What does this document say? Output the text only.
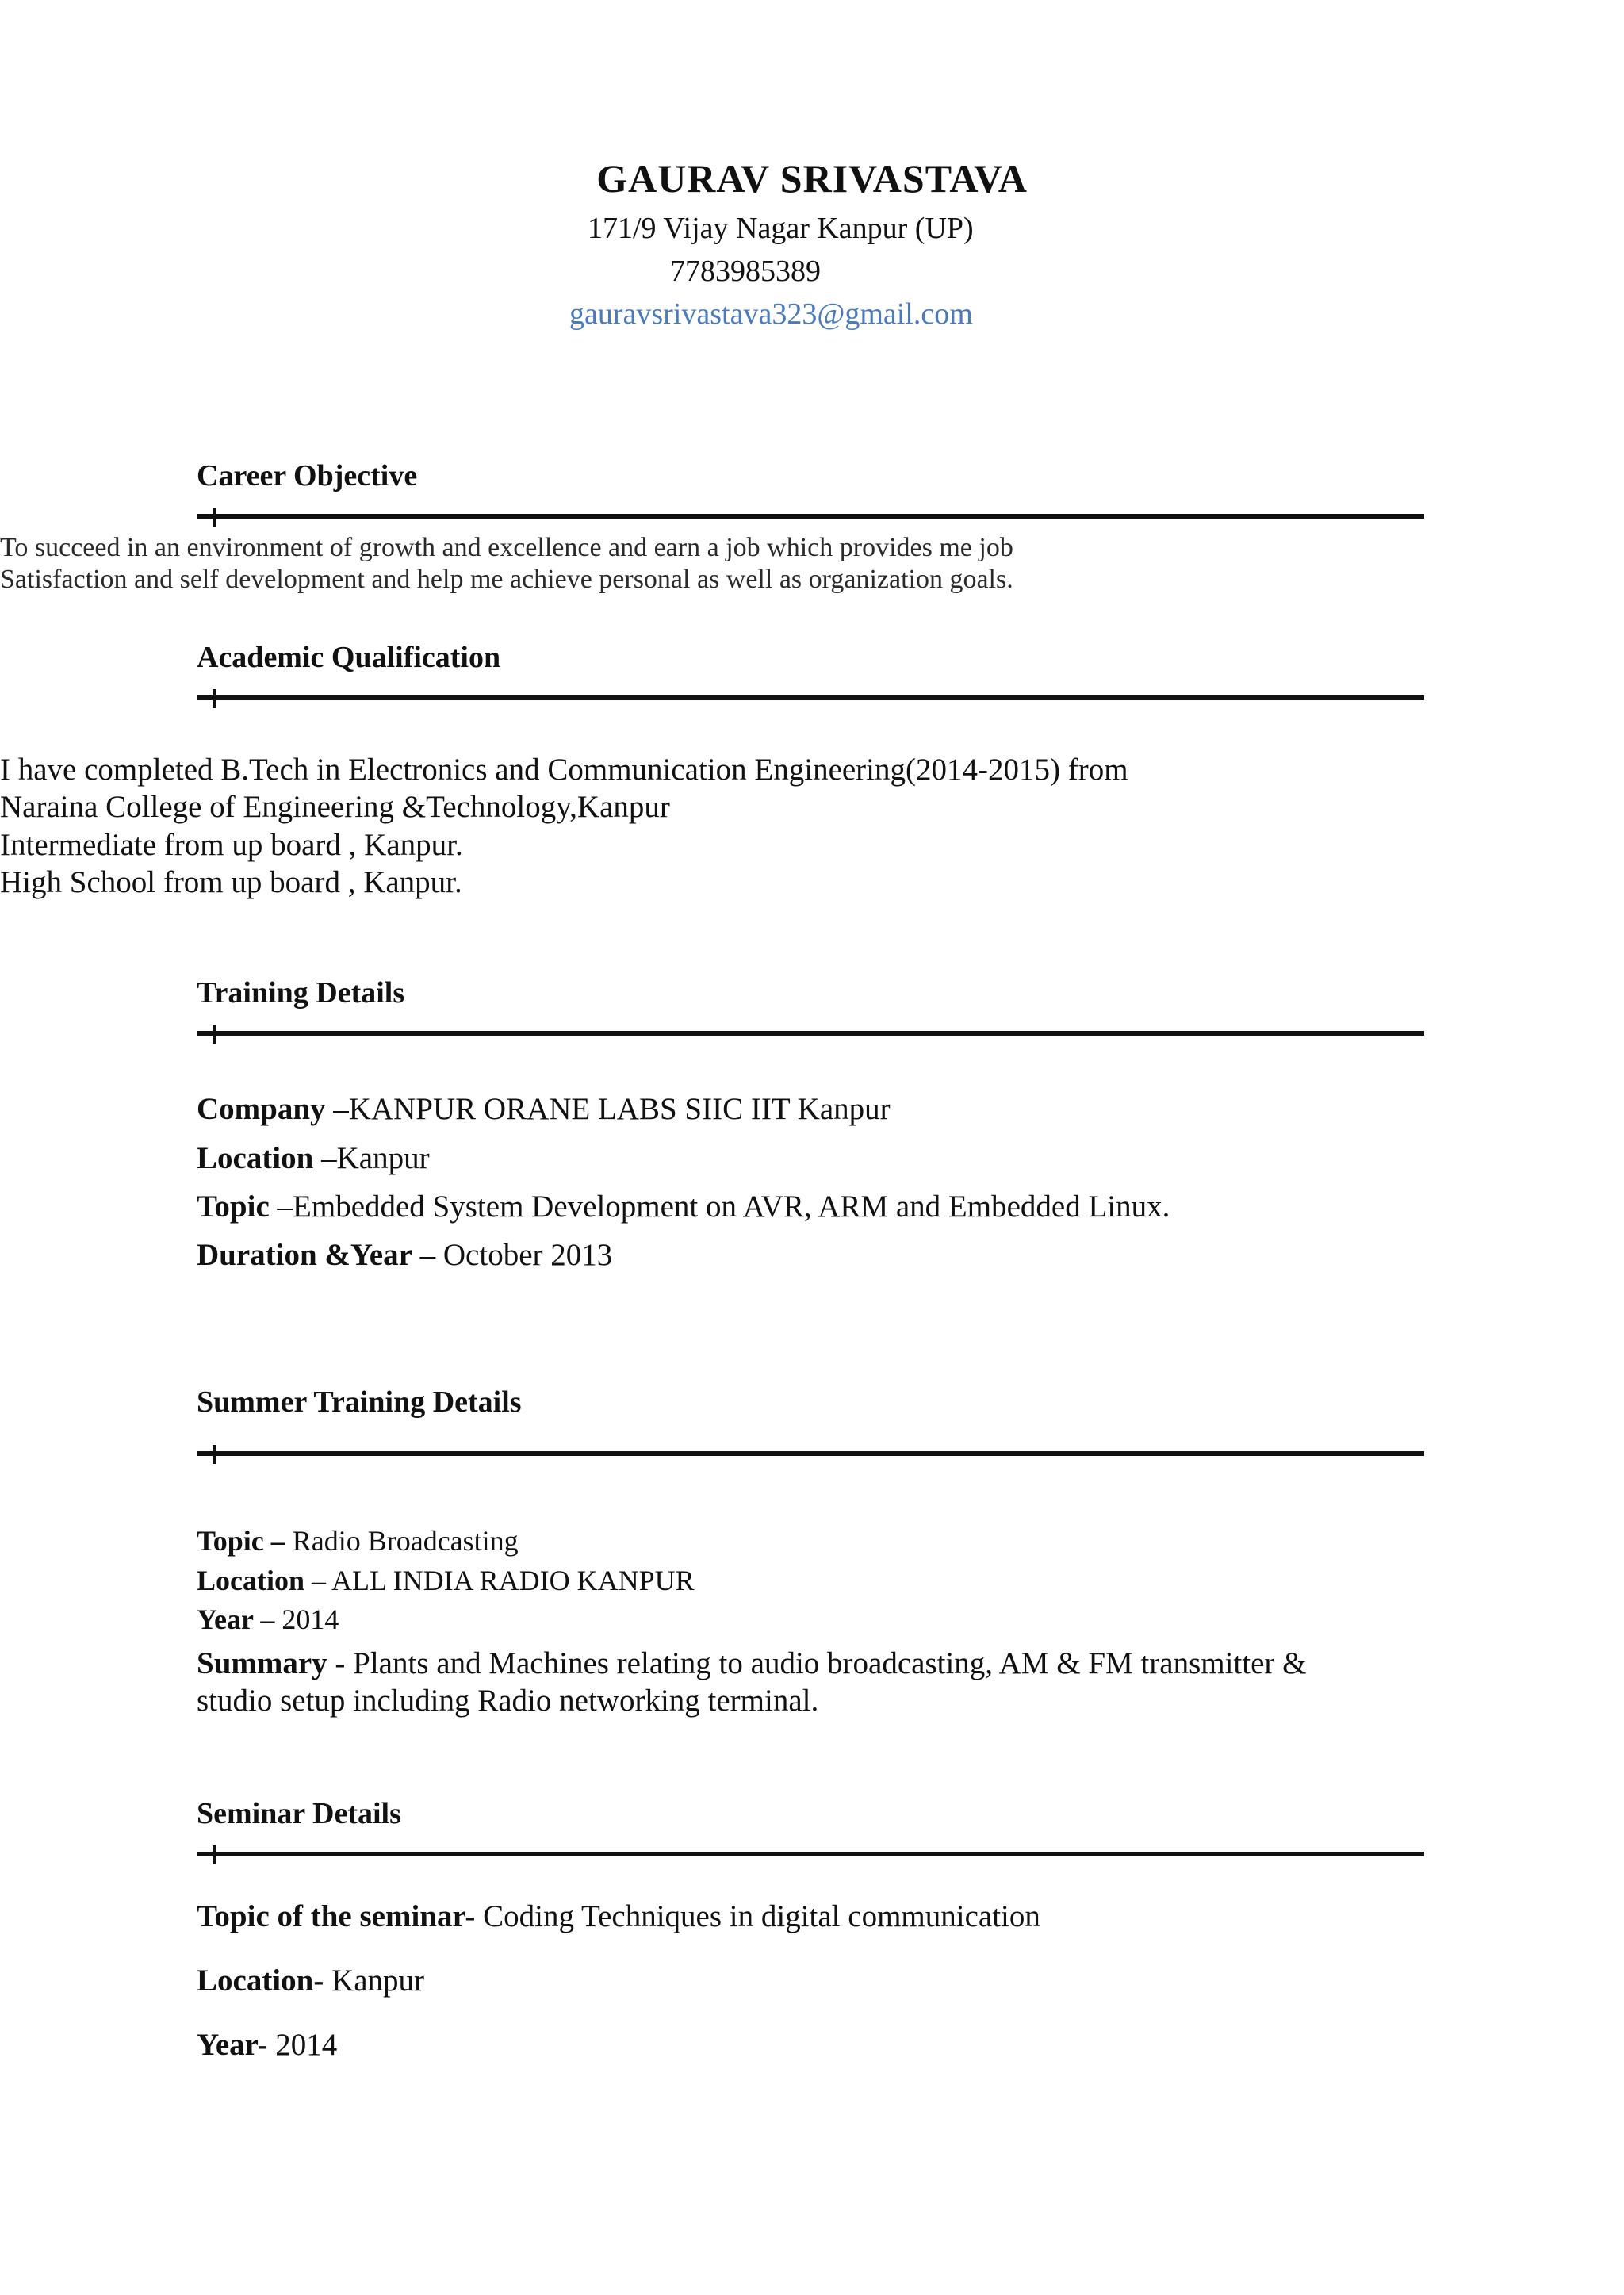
GAURAV SRIVASTAVA

171/9 Vijay Nagar Kanpur (UP)

7783985389

gauravsrivastava323@gmail.com

Career Objective

To succeed in an environment of growth and excellence and earn a job which provides me job

Satisfaction and self development and help me achieve personal as well as organization goals.

Academic Qualification

I have completed B.Tech in Electronics and Communication Engineering(2014-2015) from

Naraina College of Engineering &Technology,Kanpur

Intermediate from up board , Kanpur.

High School from up board , Kanpur.

Training Details

Company –KANPUR ORANE LABS SIIC IIT Kanpur

Location –Kanpur

Topic –Embedded System Development on AVR, ARM and Embedded Linux.

Duration &Year – October 2013

Summer Training Details

Topic – Radio Broadcasting

Location – ALL INDIA RADIO KANPUR

Year – 2014

Summary - Plants and Machines relating to audio broadcasting, AM & FM transmitter &

studio setup including Radio networking terminal.

Seminar Details

Topic of the seminar- Coding Techniques in digital communication

Location- Kanpur

Year- 2014
